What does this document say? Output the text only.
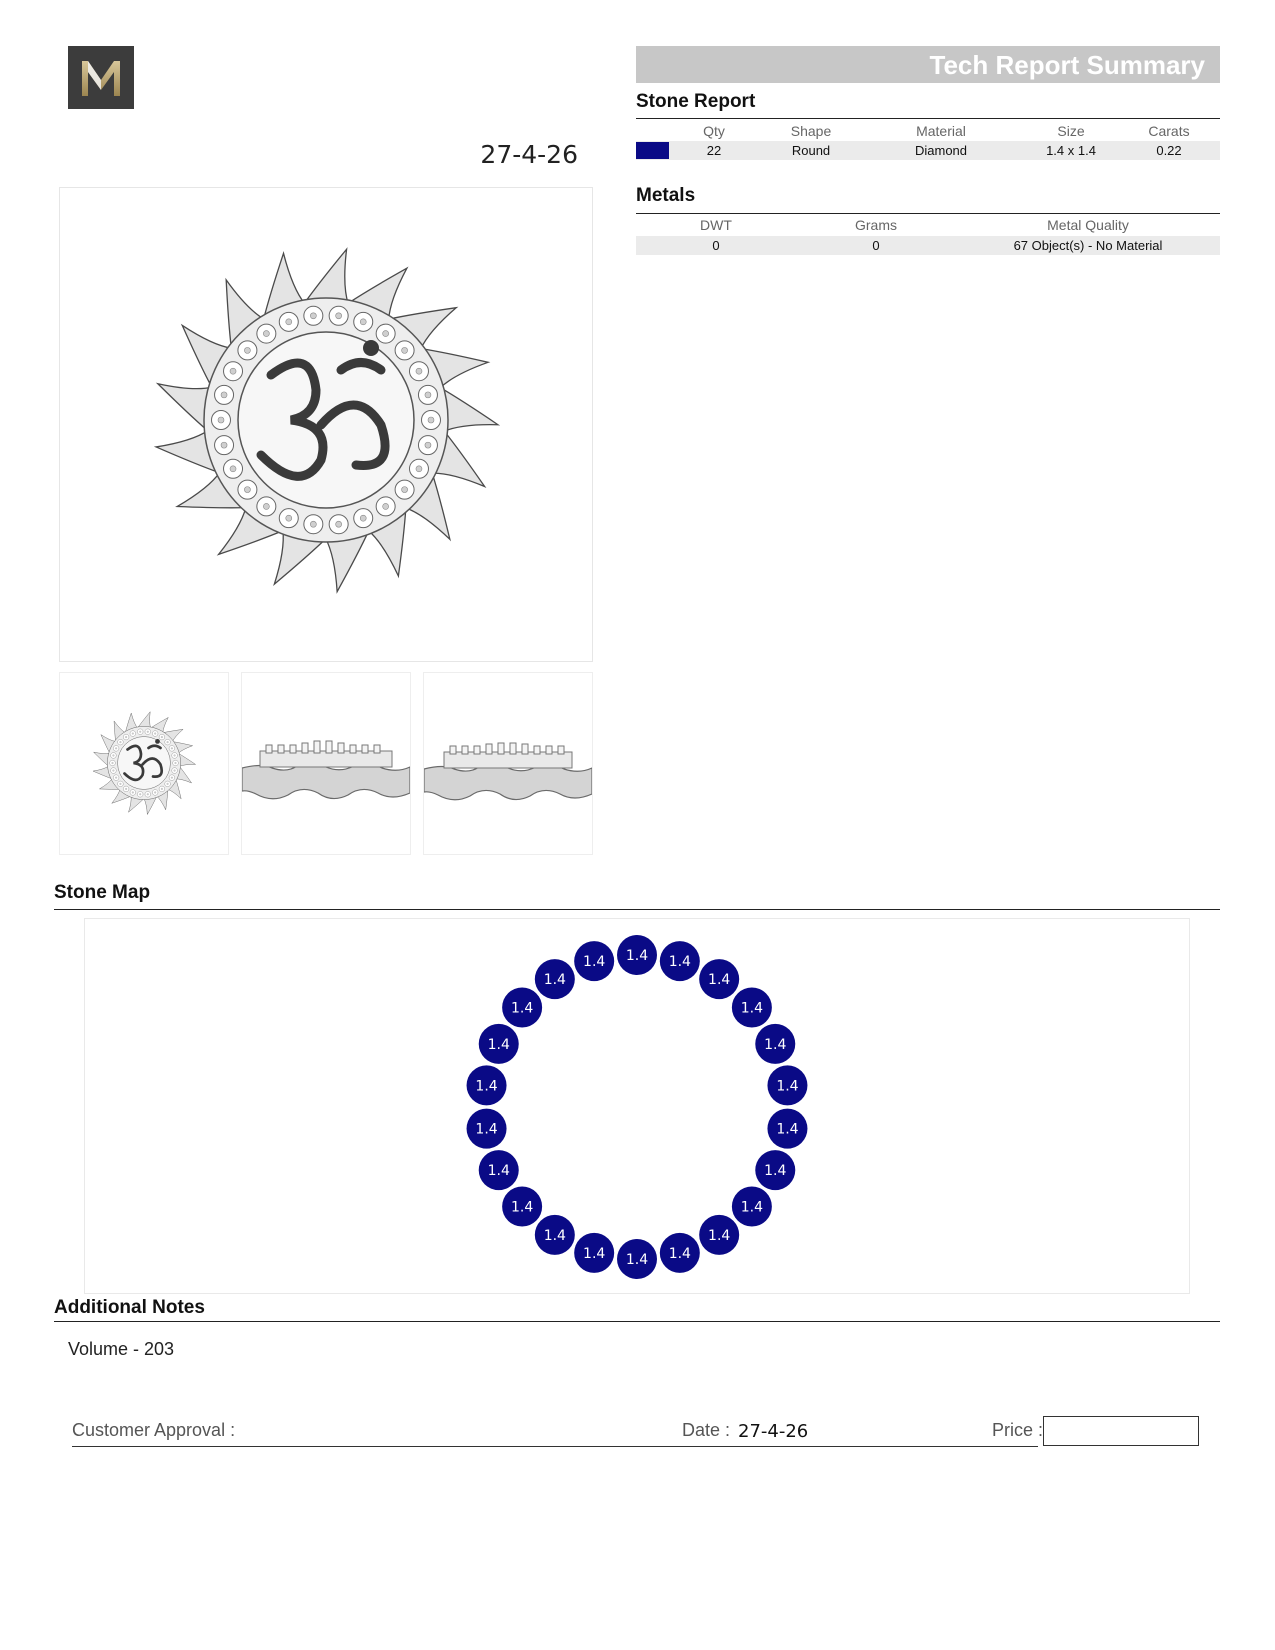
27-4-26
Tech Report Summary
Stone Report
Qty	Shape	Material	Size	Carats
22	Round	Diamond	1.4 x 1.4	0.22
Metals
DWT	Grams	Metal Quality
0	0	67 Object(s) - No Material
Stone Map
1.4 1.4
1.4
1.4
1.4
1.4
1.4
1.4
1.4
1.4
1.4
1.4
1.4
1.4
1.4
1.4
1.4
1.4
1.4
1.4
1.4
1.4
Additional Notes
Volume - 203
Customer Approval :	Date : 27-4-26	Price :
